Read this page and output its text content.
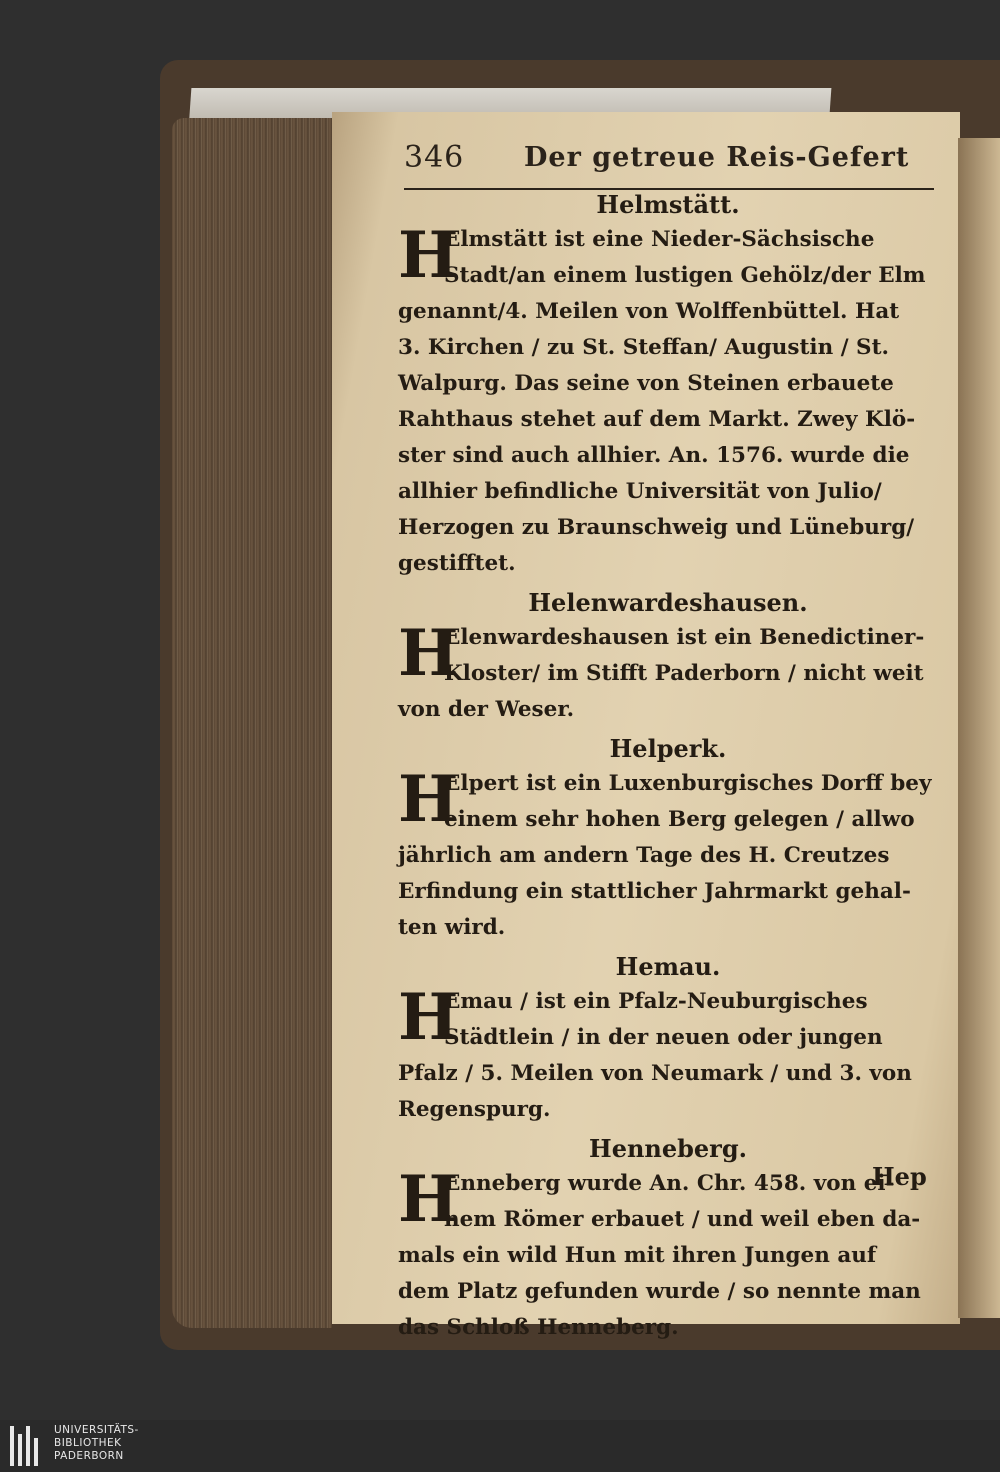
346 Der getreue Reis-Gefert
Helmstätt.
H
Elmstätt ist eine Nieder-Sächsische
Stadt/an einem lustigen Gehölz/der Elm
genannt/4. Meilen von Wolffenbüttel. Hat
3. Kirchen / zu St. Steffan/ Augustin / St.
Walpurg. Das seine von Steinen erbauete
Rahthaus stehet auf dem Markt. Zwey Klö-
ster sind auch allhier. An. 1576. wurde die
allhier befindliche Universität von Julio/
Herzogen zu Braunschweig und Lüneburg/
gestifftet.
Helenwardeshausen.
H
Elenwardeshausen ist ein Benedictiner-
Kloster/ im Stifft Paderborn / nicht weit
von der Weser.
Helperk.
H
Elpert ist ein Luxenburgisches Dorff bey
einem sehr hohen Berg gelegen / allwo
jährlich am andern Tage des H. Creutzes
Erfindung ein stattlicher Jahrmarkt gehal-
ten wird.
Hemau.
H
Emau / ist ein Pfalz-Neuburgisches
Städtlein / in der neuen oder jungen
Pfalz / 5. Meilen von Neumark / und 3. von
Regenspurg.
Henneberg.
H
Enneberg wurde An. Chr. 458. von ei-
nem Römer erbauet / und weil eben da-
mals ein wild Hun mit ihren Jungen auf
dem Platz gefunden wurde / so nennte man
das Schloß Henneberg.
Hep
UNIVERSITÄTS-
BIBLIOTHEK
PADERBORN
